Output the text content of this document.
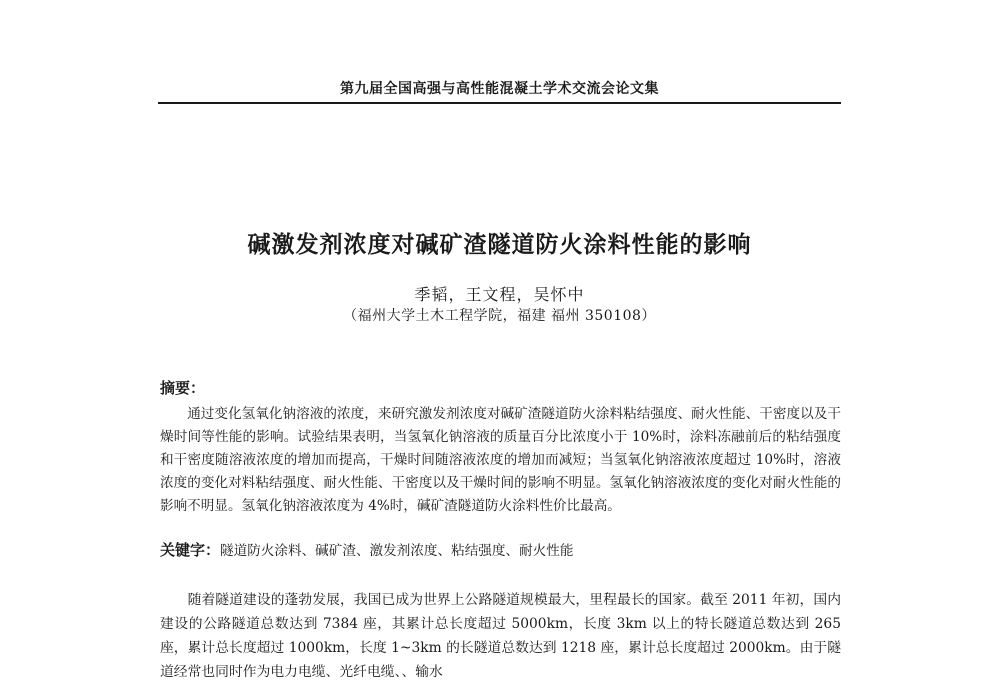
第九届全国高强与高性能混凝土学术交流会论文集
碱激发剂浓度对碱矿渣隧道防火涂料性能的影响
季韬，王文程，吴怀中
（福州大学土木工程学院，福建 福州 350108）
摘要：

通过变化氢氧化钠溶液的浓度，来研究激发剂浓度对碱矿渣隧道防火涂料粘结强度、耐火性能、干密度以及干燥时间等性能的影响。试验结果表明，当氢氧化钠溶液的质量百分比浓度小于 10%时，涂料冻融前后的粘结强度和干密度随溶液浓度的增加而提高，干燥时间随溶液浓度的增加而减短；当氢氧化钠溶液浓度超过 10%时，溶液浓度的变化对料粘结强度、耐火性能、干密度以及干燥时间的影响不明显。氢氧化钠溶液浓度的变化对耐火性能的影响不明显。氢氧化钠溶液浓度为 4%时，碱矿渣隧道防火涂料性价比最高。

关键字：隧道防火涂料、碱矿渣、激发剂浓度、粘结强度、耐火性能

随着隧道建设的蓬勃发展，我国已成为世界上公路隧道规模最大，里程最长的国家。截至 2011 年初，国内建设的公路隧道总数达到 7384 座，其累计总长度超过 5000km，长度 3km 以上的特长隧道总数达到 265 座，累计总长度超过 1000km，长度 1~3km 的长隧道总数达到 1218 座，累计总长度超过 2000km。由于隧道经常也同时作为电力电缆、光纤电缆、、输水
